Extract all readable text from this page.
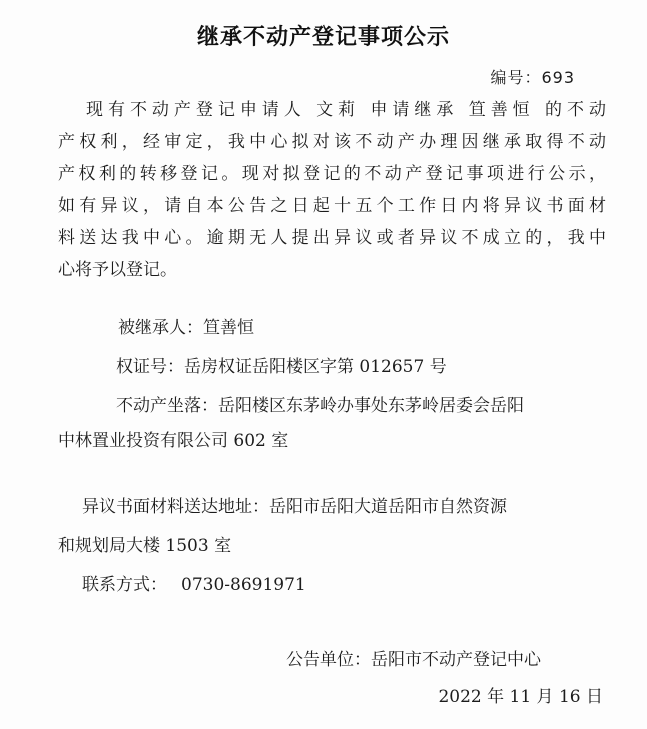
继承不动产登记事项公示
编号：693
现有不动产登记申请人 文莉 申请继承 笪善恒 的不动
产权利，经审定，我中心拟对该不动产办理因继承取得不动
产权利的转移登记。现对拟登记的不动产登记事项进行公示，
如有异议，请自本公告之日起十五个工作日内将异议书面材
料送达我中心。逾期无人提出异议或者异议不成立的，我中
心将予以登记。
被继承人：笪善恒
权证号：岳房权证岳阳楼区字第 012657 号
不动产坐落：岳阳楼区东茅岭办事处东茅岭居委会岳阳
中林置业投资有限公司 602 室
异议书面材料送达地址：岳阳市岳阳大道岳阳市自然资源
和规划局大楼 1503 室
联系方式： 0730-8691971
公告单位：岳阳市不动产登记中心
2022 年 11 月 16 日
